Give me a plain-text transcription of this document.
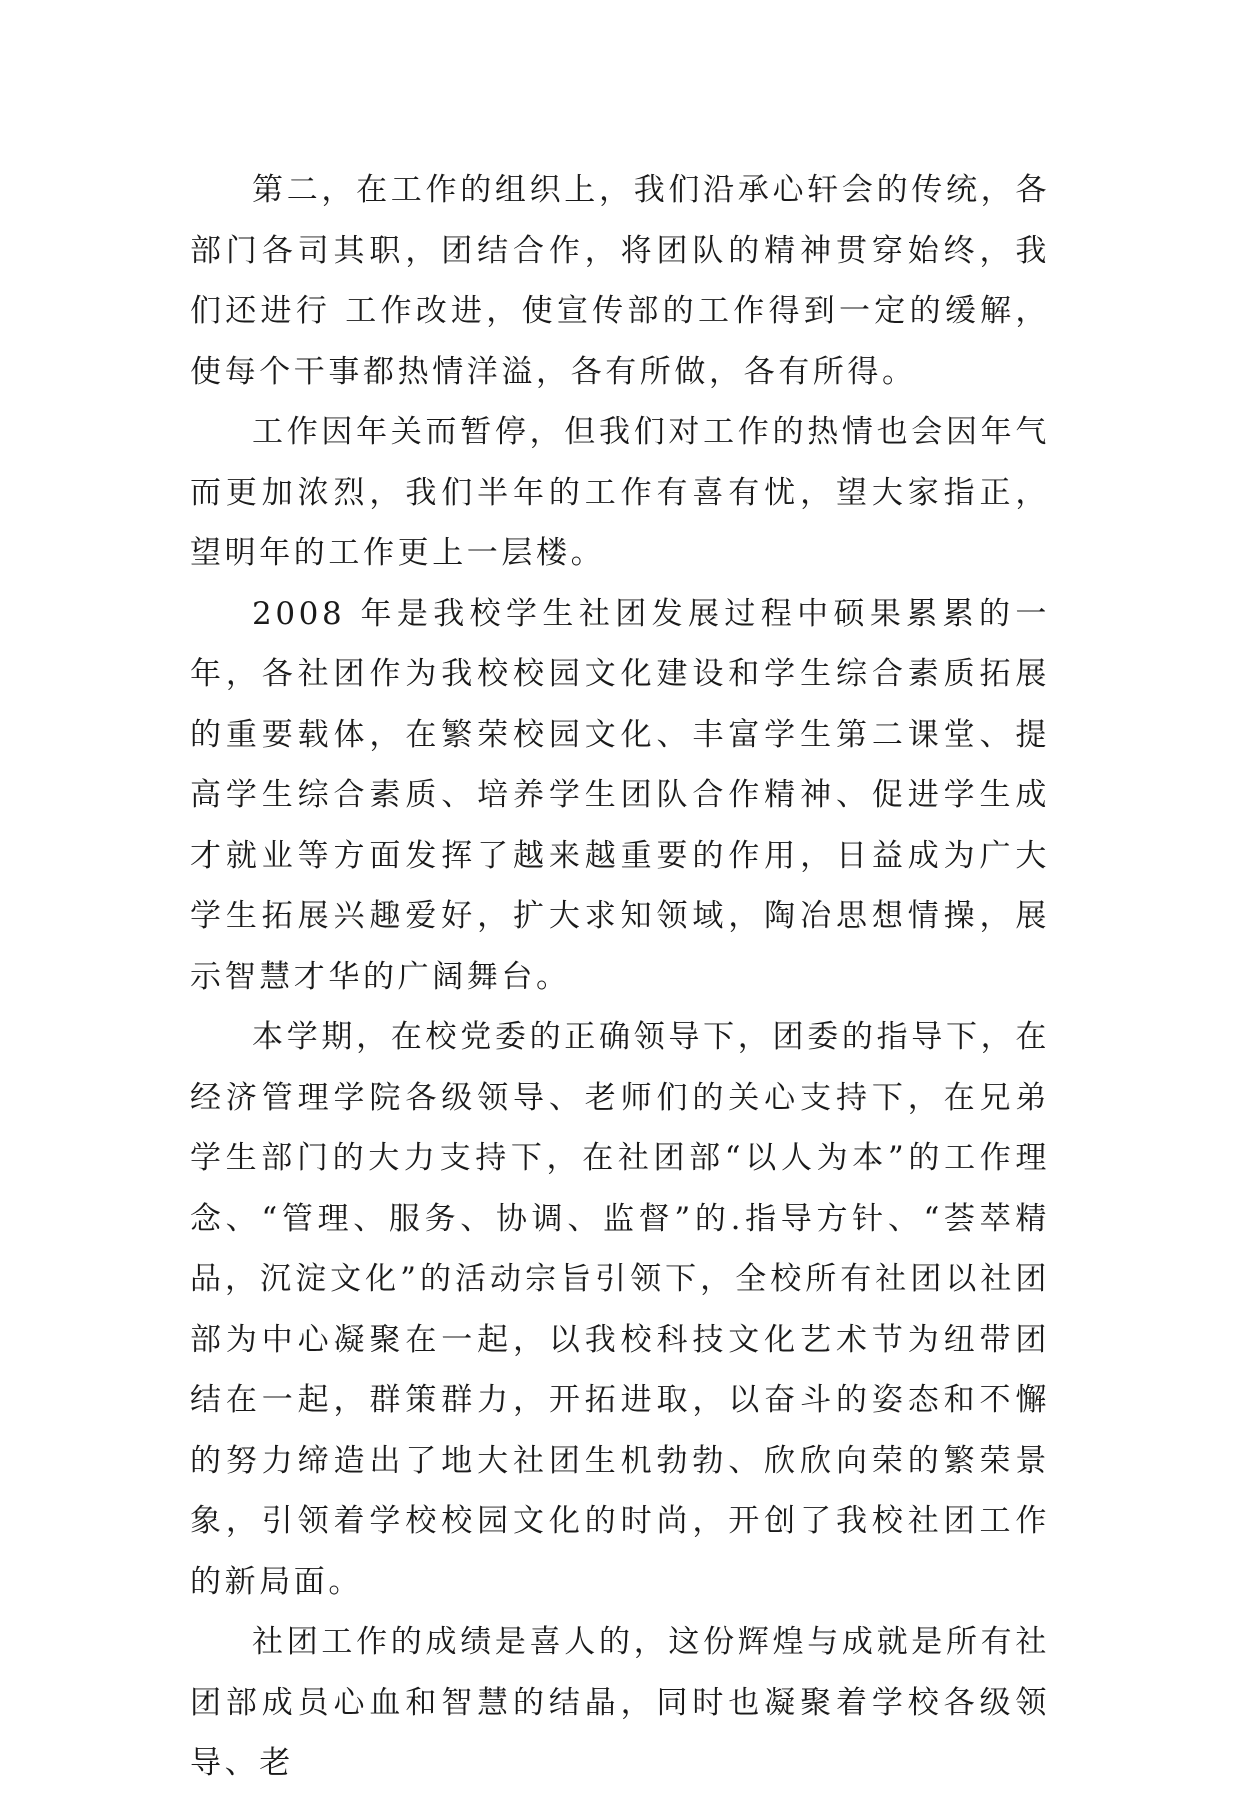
第二，在工作的组织上，我们沿承心轩会的传统，各部门各司其职，团结合作，将团队的精神贯穿始终，我们还进行 工作改进，使宣传部的工作得到一定的缓解，使每个干事都热情洋溢，各有所做，各有所得。

工作因年关而暂停，但我们对工作的热情也会因年气而更加浓烈，我们半年的工作有喜有忧，望大家指正，望明年的工作更上一层楼。

2008 年是我校学生社团发展过程中硕果累累的一年，各社团作为我校校园文化建设和学生综合素质拓展的重要载体，在繁荣校园文化、丰富学生第二课堂、提高学生综合素质、培养学生团队合作精神、促进学生成才就业等方面发挥了越来越重要的作用，日益成为广大学生拓展兴趣爱好，扩大求知领域，陶冶思想情操，展示智慧才华的广阔舞台。

本学期，在校党委的正确领导下，团委的指导下，在经济管理学院各级领导、老师们的关心支持下，在兄弟学生部门的大力支持下，在社团部“以人为本”的工作理念、“管理、服务、协调、监督”的.指导方针、“荟萃精品，沉淀文化”的活动宗旨引领下，全校所有社团以社团部为中心凝聚在一起，以我校科技文化艺术节为纽带团结在一起，群策群力，开拓进取，以奋斗的姿态和不懈的努力缔造出了地大社团生机勃勃、欣欣向荣的繁荣景象，引领着学校校园文化的时尚，开创了我校社团工作的新局面。

社团工作的成绩是喜人的，这份辉煌与成就是所有社团部成员心血和智慧的结晶，同时也凝聚着学校各级领导、老
